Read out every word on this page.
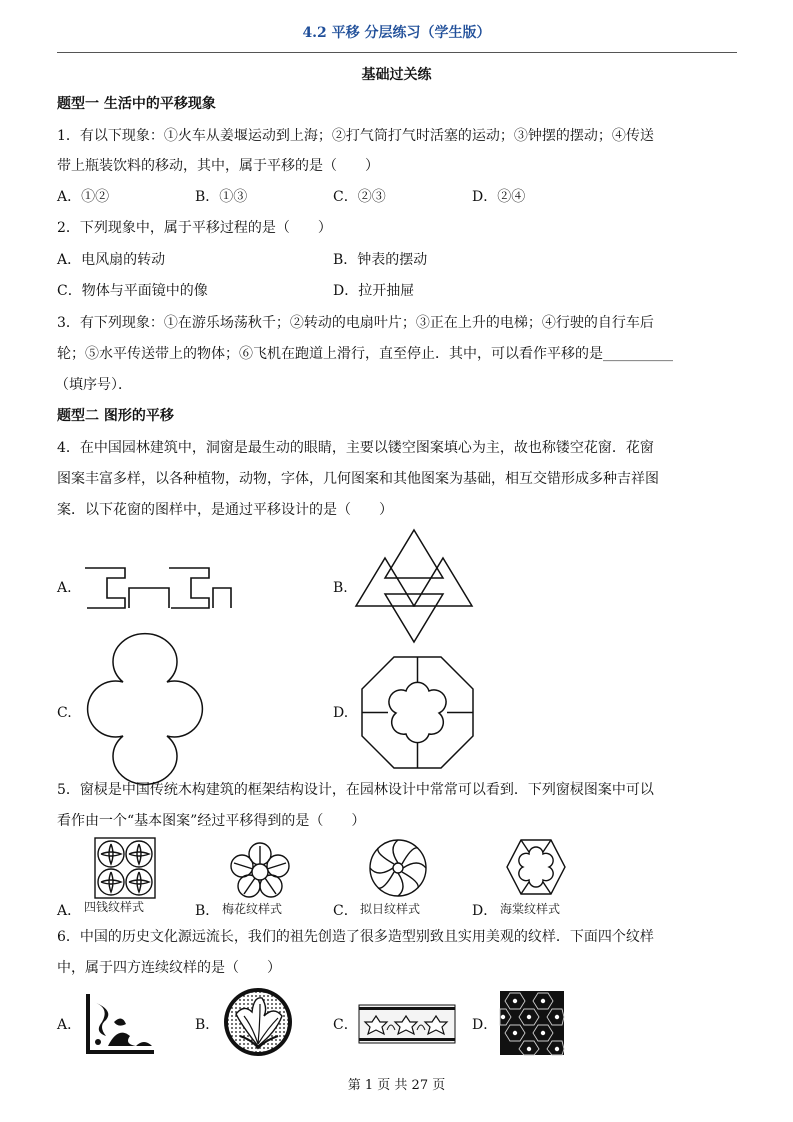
4.2 平移 分层练习（学生版）
基础过关练
题型一 生活中的平移现象
1．有以下现象：①火车从姜堰运动到上海；②打气筒打气时活塞的运动；③钟摆的摆动；④传送
带上瓶装饮料的移动，其中，属于平移的是（　　）
A．①②	B．①③	C．②③	D．②④
2．下列现象中，属于平移过程的是（　　）
A．电风扇的转动	B．钟表的摆动
C．物体与平面镜中的像	D．拉开抽屉
3．有下列现象：①在游乐场荡秋千；②转动的电扇叶片；③正在上升的电梯；④行驶的自行车后
轮；⑤水平传送带上的物体；⑥飞机在跑道上滑行，直至停止．其中，可以看作平移的是__________
（填序号）．
题型二 图形的平移
4．在中国园林建筑中，洞窗是最生动的眼睛，主要以镂空图案填心为主，故也称镂空花窗．花窗
图案丰富多样，以各种植物，动物，字体，几何图案和其他图案为基础，相互交错形成多种吉祥图
案．以下花窗的图样中，是通过平移设计的是（　　）
A.	B.
C.	D.
5．窗棂是中国传统木构建筑的框架结构设计，在园林设计中常常可以看到．下列窗棂图案中可以
看作由一个“基本图案”经过平移得到的是（　　）
A． 四钱纹样式	B． 梅花纹样式	C． 拟日纹样式	D． 海棠纹样式
6．中国的历史文化源远流长，我们的祖先创造了很多造型别致且实用美观的纹样．下面四个纹样
中，属于四方连续纹样的是（　　）
A．	B．	C．	D．
第 1 页 共 27 页
